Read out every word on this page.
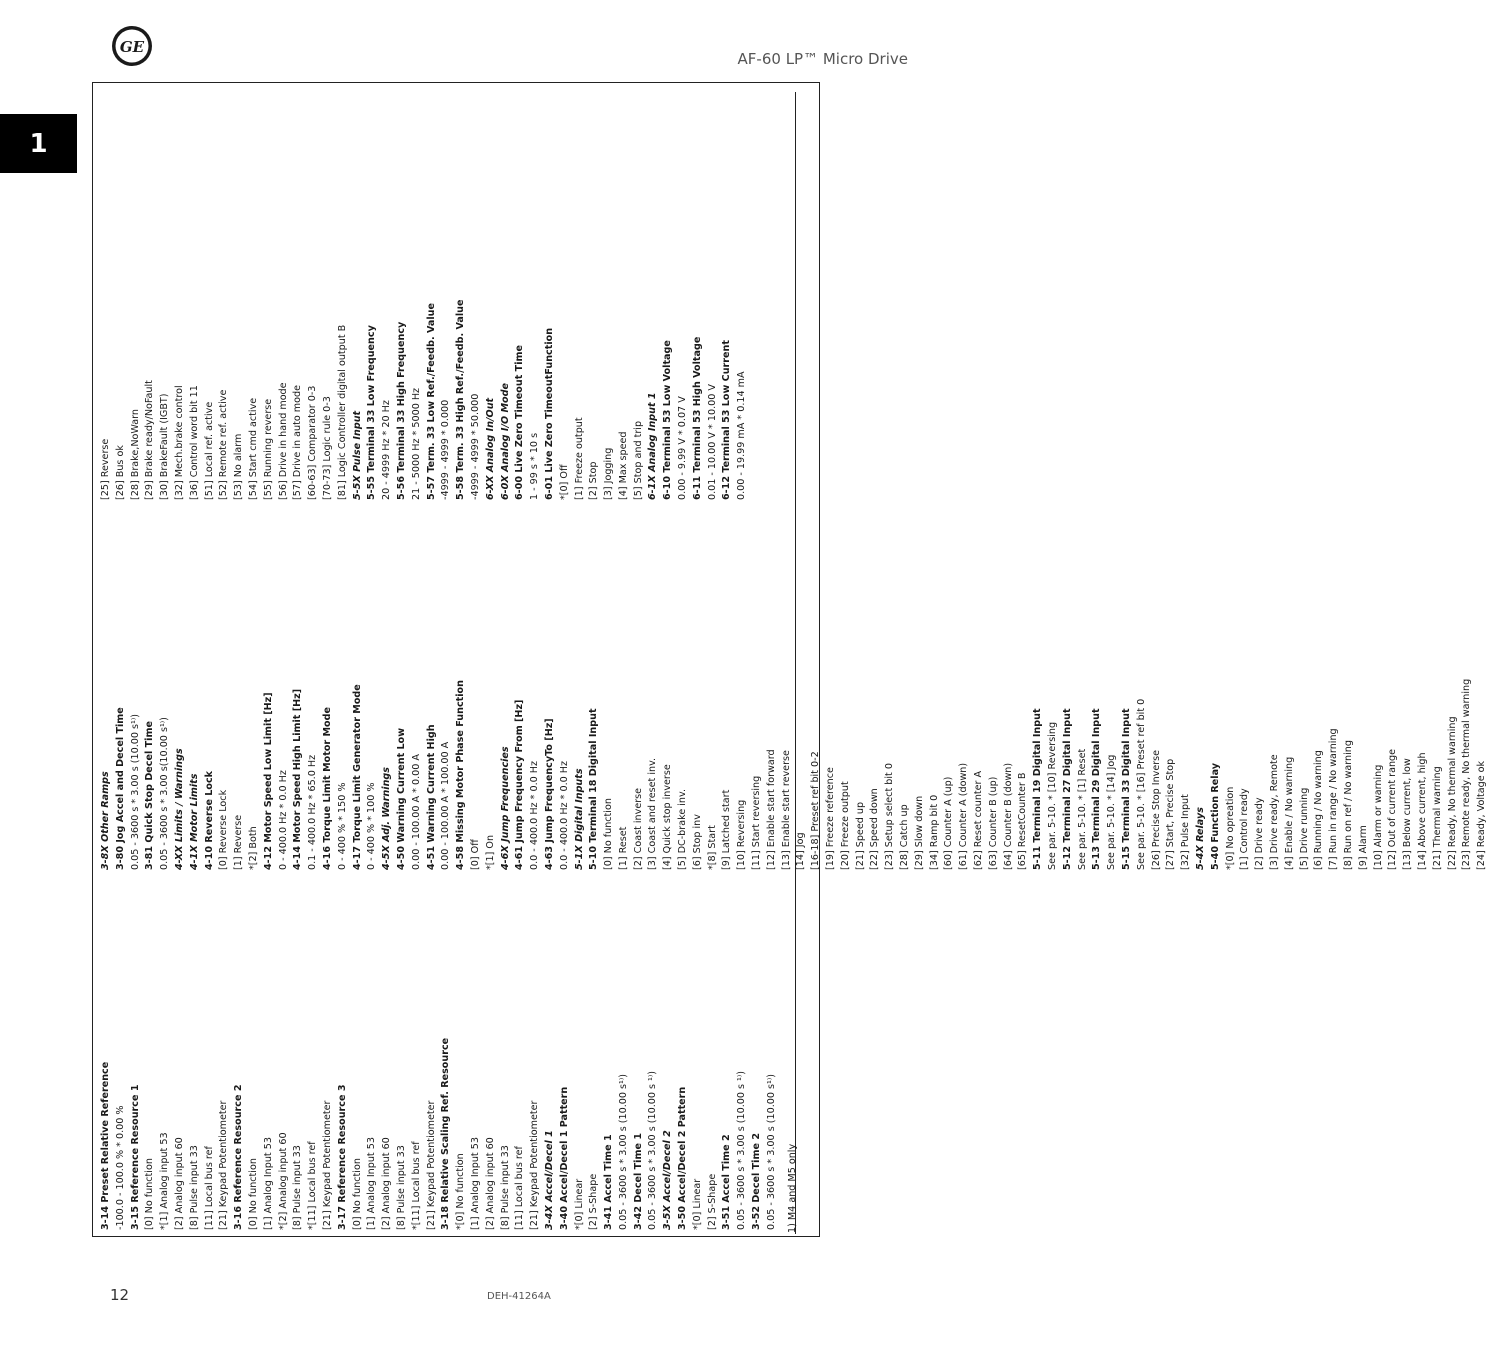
GE
AF-60 LP™ Micro Drive
1
3-14 Preset Relative Reference -100.0 - 100.0 % * 0.00 % 3-15 Reference Resource 1 [0] No function *[1] Analog input 53 [2] Analog input 60 [8] Pulse input 33 [11] Local bus ref [21] Keypad Potentiometer 3-16 Reference Resource 2 [0] No function [1] Analog Input 53 *[2] Analog input 60 [8] Pulse input 33 *[11] Local bus ref [21] Keypad Potentiometer 3-17 Reference Resource 3 [0] No function [1] Analog Input 53 [2] Analog input 60 [8] Pulse input 33 *[11] Local bus ref [21] Keypad Potentiometer 3-18 Relative Scaling Ref. Resource *[0] No function [1] Analog Input 53 [2] Analog input 60 [8] Pulse input 33 [11] Local bus ref [21] Keypad Potentiometer 3-4X Accel/Decel 1 3-40 Accel/Decel 1 Pattern *[0] Linear [2] S-Shape 3-41 Accel Time 1 0.05 - 3600 s * 3.00 s (10.00 s¹⁾) 3-42 Decel Time 1 0.05 - 3600 s * 3.00 s (10.00 s ¹⁾) 3-5X Accel/Decel 2 3-50 Accel/Decel 2 Pattern *[0] Linear [2] S-Shape 3-51 Accel Time 2 0.05 - 3600 s * 3.00 s (10.00 s ¹⁾) 3-52 Decel Time 2 0.05 - 3600 s * 3.00 s (10.00 s¹⁾)
3-8X Other Ramps 3-80 Jog Accel and Decel Time 0.05 - 3600 s * 3.00 s (10.00 s¹⁾) 3-81 Quick Stop Decel Time 0.05 - 3600 s * 3.00 s(10.00 s¹⁾) 4-XX Limits / Warnings 4-1X Motor Limits 4-10 Reverse Lock [0] Reverse Lock [1] Reverse *[2] Both 4-12 Motor Speed Low Limit [Hz] 0 - 400.0 Hz * 0.0 Hz 4-14 Motor Speed High Limit [Hz] 0.1 - 400.0 Hz * 65.0 Hz 4-16 Torque Limit Motor Mode 0 - 400 % * 150 % 4-17 Torque Limit Generator Mode 0 - 400 % * 100 % 4-5X Adj. Warnings 4-50 Warning Current Low 0.00 - 100.00 A * 0.00 A 4-51 Warning Current High 0.00 - 100.00 A * 100.00 A 4-58 Missing Motor Phase Function [0] Off *[1] On 4-6X Jump Frequencies 4-61 Jump Frequency From [Hz] 0.0 - 400.0 Hz * 0.0 Hz 4-63 Jump FrequencyTo [Hz] 0.0 - 400.0 Hz * 0.0 Hz 5-1X Digital Inputs 5-10 Terminal 18 Digital Input [0] No function [1] Reset [2] Coast inverse [3] Coast and reset inv. [4] Quick stop inverse [5] DC-brake inv. [6] Stop inv *[8] Start [9] Latched start [10] Reversing [11] Start reversing [12] Enable start forward [13] Enable start reverse [14] Jog [16-18] Preset ref bit 0-2 [19] Freeze reference [20] Freeze output [21] Speed up [22] Speed down [23] Setup select bit 0 [28] Catch up [29] Slow down [34] Ramp bit 0 [60] Counter A (up) [61] Counter A (down) [62] Reset counter A [63] Counter B (up) [64] Counter B (down) [65] ResetCounter B 5-11 Terminal 19 Digital Input See par. 5-10. * [10] Reversing 5-12 Terminal 27 Digital Input See par. 5-10. * [1] Reset 5-13 Terminal 29 Digital Input See par. 5-10. * [14] Jog 5-15 Terminal 33 Digital Input See par. 5-10. * [16] Preset ref bit 0 [26] Precise Stop Inverse [27] Start, Precise Stop [32] Pulse Input 5-4X Relays 5-40 Function Relay *[0] No opreation [1] Control ready [2] Drive ready [3] Drive ready, Remote [4] Enable / No warning [5] Drive running [6] Running / No warning [7] Run in range / No warning [8] Run on ref / No warning [9] Alarm [10] Alarm or warning [12] Out of current range [13] Below current, low [14] Above current, high [21] Thermal warning [22] Ready, No thermal warning [23] Remote ready, No thermal warning [24] Ready, Voltage ok
[25] Reverse [26] Bus ok [28] Brake,NoWarn [29] Brake ready/NoFault [30] BrakeFault (IGBT) [32] Mech.brake control [36] Control word bit 11 [51] Local ref. active [52] Remote ref. active [53] No alarm [54] Start cmd active [55] Running reverse [56] Drive in hand mode [57] Drive in auto mode [60-63] Comparator 0-3 [70-73] Logic rule 0-3 [81] Logic Controller digital output B 5-5X Pulse Input 5-55 Terminal 33 Low Frequency 20 - 4999 Hz * 20 Hz 5-56 Terminal 33 High Frequency 21 - 5000 Hz * 5000 Hz 5-57 Term. 33 Low Ref./Feedb. Value -4999 - 4999 * 0.000 5-58 Term. 33 High Ref./Feedb. Value -4999 - 4999 * 50.000 6-XX Analog In/Out 6-0X Analog I/O Mode 6-00 Live Zero Timeout Time 1 - 99 s * 10 s 6-01 Live Zero TimeoutFunction *[0] Off [1] Freeze output [2] Stop [3] Jogging [4] Max speed [5] Stop and trip 6-1X Analog Input 1 6-10 Terminal 53 Low Voltage 0.00 - 9.99 V * 0.07 V 6-11 Terminal 53 High Voltage 0.01 - 10.00 V * 10.00 V 6-12 Terminal 53 Low Current 0.00 - 19.99 mA * 0.14 mA
1) M4 and M5 only
12	DEH-41264A
